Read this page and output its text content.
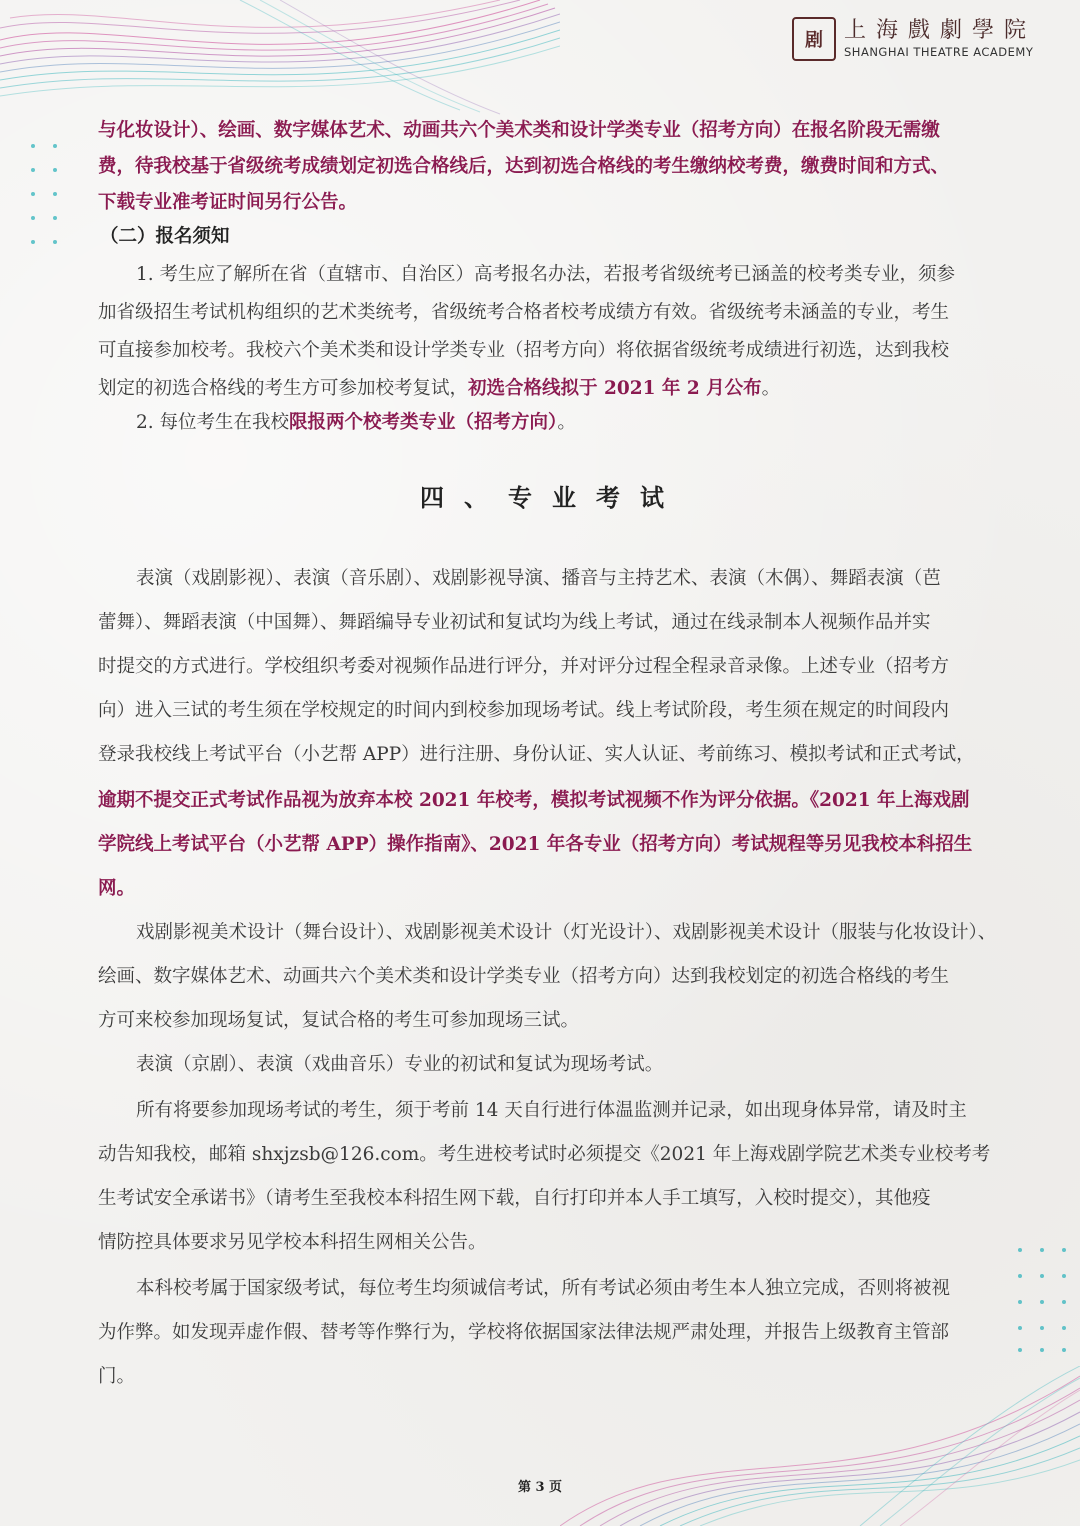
剧 上海戲劇學院
SHANGHAI THEATRE ACADEMY
与化妆设计）、绘画、数字媒体艺术、动画共六个美术类和设计学类专业（招考方向）在报名阶段无需缴
费，待我校基于省级统考成绩划定初选合格线后，达到初选合格线的考生缴纳校考费，缴费时间和方式、
下载专业准考证时间另行公告。
（二）报名须知
1. 考生应了解所在省（直辖市、自治区）高考报名办法，若报考省级统考已涵盖的校考类专业，须参
加省级招生考试机构组织的艺术类统考，省级统考合格者校考成绩方有效。省级统考未涵盖的专业，考生
可直接参加校考。我校六个美术类和设计学类专业（招考方向）将依据省级统考成绩进行初选，达到我校
划定的初选合格线的考生方可参加校考复试，初选合格线拟于 2021 年 2 月公布。
2. 每位考生在我校限报两个校考类专业（招考方向）。
表演（戏剧影视）、表演（音乐剧）、戏剧影视导演、播音与主持艺术、表演（木偶）、舞蹈表演（芭
蕾舞）、舞蹈表演（中国舞）、舞蹈编导专业初试和复试均为线上考试，通过在线录制本人视频作品并实
时提交的方式进行。学校组织考委对视频作品进行评分，并对评分过程全程录音录像。上述专业（招考方
向）进入三试的考生须在学校规定的时间内到校参加现场考试。线上考试阶段，考生须在规定的时间段内
登录我校线上考试平台（小艺帮 APP）进行注册、身份认证、实人认证、考前练习、模拟考试和正式考试，
逾期不提交正式考试作品视为放弃本校 2021 年校考，模拟考试视频不作为评分依据。《2021 年上海戏剧
学院线上考试平台（小艺帮 APP）操作指南》、2021 年各专业（招考方向）考试规程等另见我校本科招生
网。
戏剧影视美术设计（舞台设计）、戏剧影视美术设计（灯光设计）、戏剧影视美术设计（服装与化妆设计）、
绘画、数字媒体艺术、动画共六个美术类和设计学类专业（招考方向）达到我校划定的初选合格线的考生
方可来校参加现场复试，复试合格的考生可参加现场三试。
表演（京剧）、表演（戏曲音乐）专业的初试和复试为现场考试。
所有将要参加现场考试的考生，须于考前 14 天自行进行体温监测并记录，如出现身体异常，请及时主
动告知我校，邮箱 shxjzsb@126.com。考生进校考试时必须提交《2021 年上海戏剧学院艺术类专业校考考
生考试安全承诺书》（请考生至我校本科招生网下载，自行打印并本人手工填写，入校时提交），其他疫
情防控具体要求另见学校本科招生网相关公告。
本科校考属于国家级考试，每位考生均须诚信考试，所有考试必须由考生本人独立完成，否则将被视
为作弊。如发现弄虚作假、替考等作弊行为，学校将依据国家法律法规严肃处理，并报告上级教育主管部
门。
四、专业考试
第 3 页
